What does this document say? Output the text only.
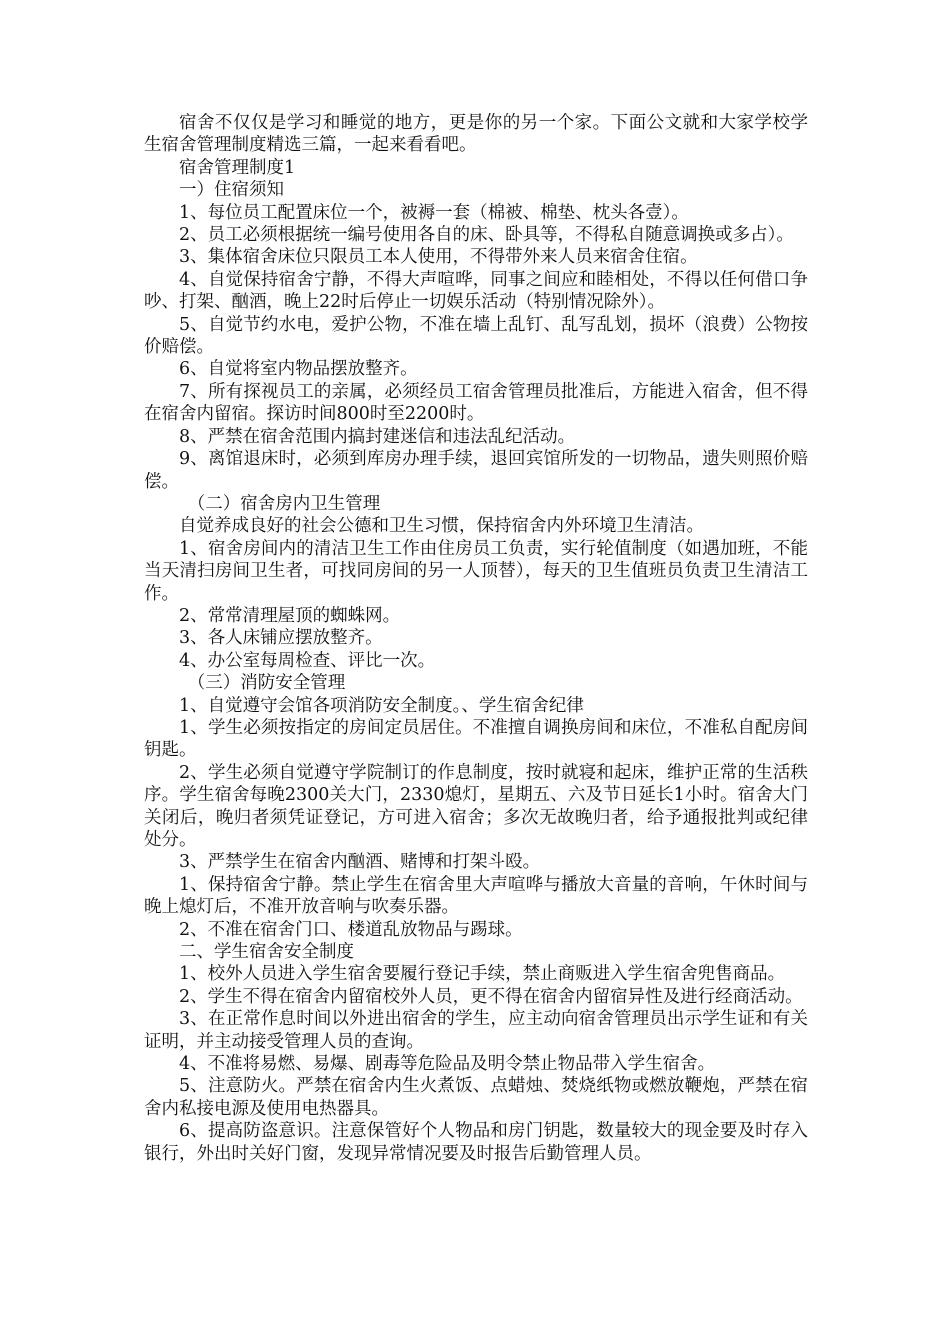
宿舍不仅仅是学习和睡觉的地方，更是你的另一个家。下面公文就和大家学校学生宿舍管理制度精选三篇，一起来看看吧。

宿舍管理制度1

一）住宿须知

1、每位员工配置床位一个，被褥一套（棉被、棉垫、枕头各壹）。

2、员工必须根据统一编号使用各自的床、卧具等，不得私自随意调换或多占）。

3、集体宿舍床位只限员工本人使用，不得带外来人员来宿舍住宿。

4、自觉保持宿舍宁静，不得大声喧哗，同事之间应和睦相处，不得以任何借口争吵、打架、酗酒，晚上22时后停止一切娱乐活动（特别情况除外）。

5、自觉节约水电，爱护公物，不准在墙上乱钉、乱写乱划，损坏（浪费）公物按价赔偿。

6、自觉将室内物品摆放整齐。

7、所有探视员工的亲属，必须经员工宿舍管理员批准后，方能进入宿舍，但不得在宿舍内留宿。探访时间800时至2200时。

8、严禁在宿舍范围内搞封建迷信和违法乱纪活动。

9、离馆退床时，必须到库房办理手续，退回宾馆所发的一切物品，遗失则照价赔偿。

（二）宿舍房内卫生管理

自觉养成良好的社会公德和卫生习惯，保持宿舍内外环境卫生清洁。

1、宿舍房间内的清洁卫生工作由住房员工负责，实行轮值制度（如遇加班，不能当天清扫房间卫生者，可找同房间的另一人顶替），每天的卫生值班员负责卫生清洁工作。

2、常常清理屋顶的蜘蛛网。

3、各人床铺应摆放整齐。

4、办公室每周检查、评比一次。

（三）消防安全管理

1、自觉遵守会馆各项消防安全制度。、学生宿舍纪律

1、学生必须按指定的房间定员居住。不准擅自调换房间和床位，不准私自配房间钥匙。

2、学生必须自觉遵守学院制订的作息制度，按时就寝和起床，维护正常的生活秩序。学生宿舍每晚2300关大门，2330熄灯，星期五、六及节日延长1小时。宿舍大门关闭后，晚归者须凭证登记，方可进入宿舍；多次无故晚归者，给予通报批判或纪律处分。

3、严禁学生在宿舍内酗酒、赌博和打架斗殴。

1、保持宿舍宁静。禁止学生在宿舍里大声喧哗与播放大音量的音响，午休时间与晚上熄灯后，不准开放音响与吹奏乐器。

2、不准在宿舍门口、楼道乱放物品与踢球。

二、学生宿舍安全制度

1、校外人员进入学生宿舍要履行登记手续，禁止商贩进入学生宿舍兜售商品。

2、学生不得在宿舍内留宿校外人员，更不得在宿舍内留宿异性及进行经商活动。

3、在正常作息时间以外进出宿舍的学生，应主动向宿舍管理员出示学生证和有关证明，并主动接受管理人员的查询。

4、不准将易燃、易爆、剧毒等危险品及明令禁止物品带入学生宿舍。

5、注意防火。严禁在宿舍内生火煮饭、点蜡烛、焚烧纸物或燃放鞭炮，严禁在宿舍内私接电源及使用电热器具。

6、提高防盗意识。注意保管好个人物品和房门钥匙，数量较大的现金要及时存入银行，外出时关好门窗，发现异常情况要及时报告后勤管理人员。
